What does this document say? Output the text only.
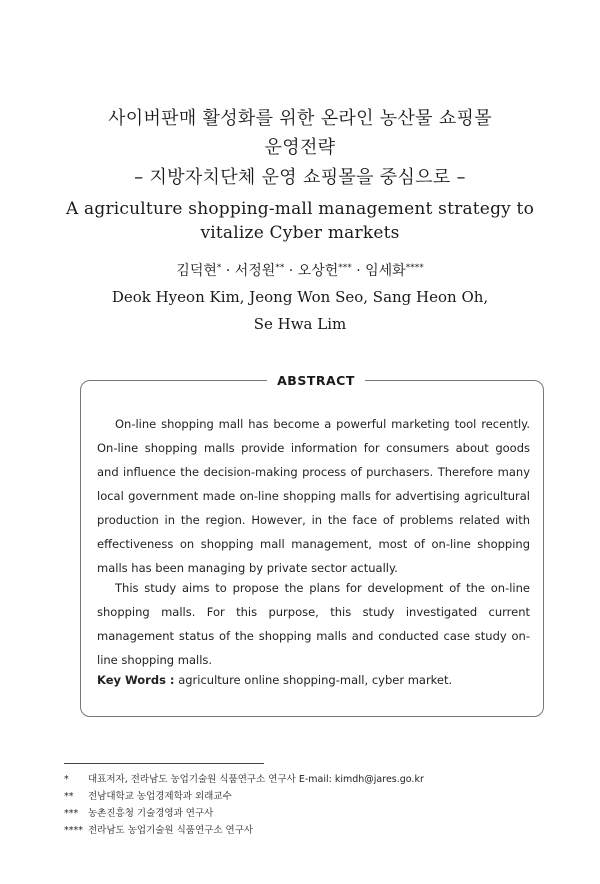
사이버판매 활성화를 위한 온라인 농산물 쇼핑몰
운영전략
– 지방자치단체 운영 쇼핑몰을 중심으로 –
A agriculture shopping-mall management strategy to
vitalize Cyber markets
김덕현* · 서정원** · 오상헌*** · 임세화****
Deok Hyeon Kim, Jeong Won Seo, Sang Heon Oh,
Se Hwa Lim
ABSTRACT
On-line shopping mall has become a powerful marketing tool recently. On-line shopping malls provide information for consumers about goods and influence the decision-making process of purchasers. Therefore many local government made on-line shopping malls for advertising agricultural production in the region. However, in the face of problems related with effectiveness on shopping mall management, most of on-line shopping malls has been managing by private sector actually.
This study aims to propose the plans for development of the on-line shopping malls. For this purpose, this study investigated current management status of the shopping malls and conducted case study on-line shopping malls.
Key Words : agriculture online shopping-mall, cyber market.
* 대표저자, 전라남도 농업기술원 식품연구소 연구사 E-mail: kimdh@jares.go.kr
** 전남대학교 농업경제학과 외래교수
*** 농촌진흥청 기술경영과 연구사
**** 전라남도 농업기술원 식품연구소 연구사
